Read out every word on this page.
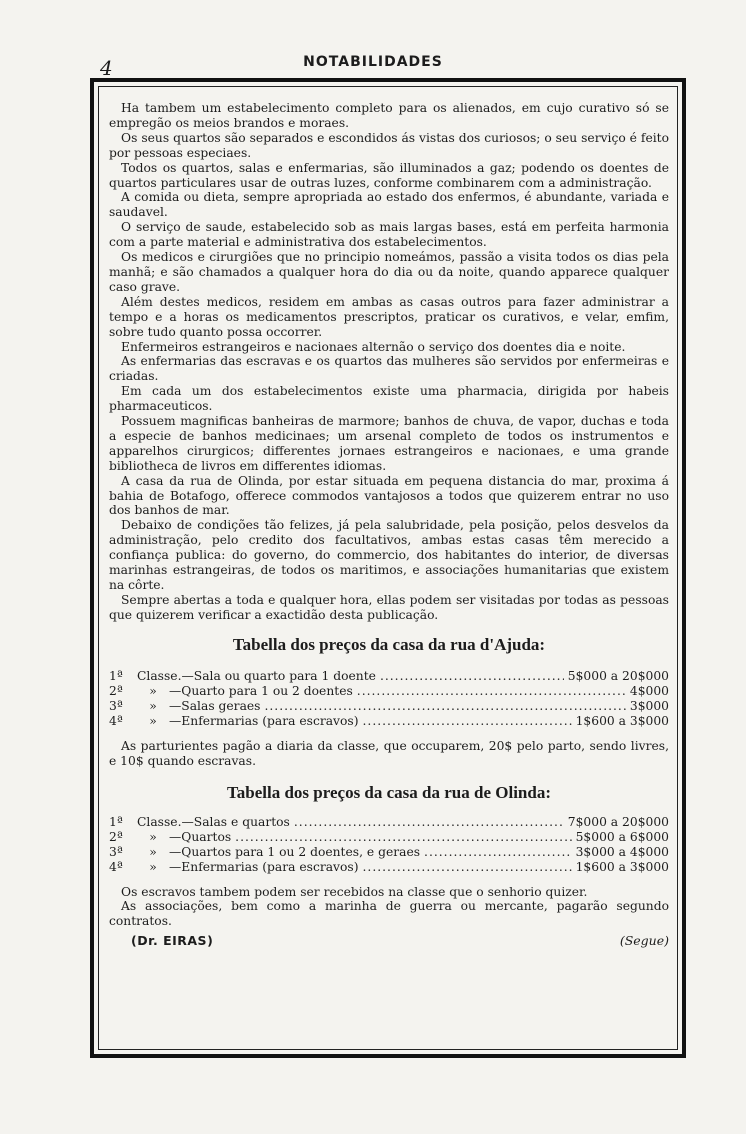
4	NOTABILIDADES

Ha tambem um estabelecimento completo para os alienados, em cujo curativo só se empregão os meios brandos e moraes.

Os seus quartos são separados e escondidos ás vistas dos curiosos; o seu serviço é feito por pessoas especiaes.

Todos os quartos, salas e enfermarias, são illuminados a gaz; podendo os doentes de quartos particulares usar de outras luzes, conforme combinarem com a administração.

A comida ou dieta, sempre apropriada ao estado dos enfermos, é abundante, variada e saudavel.

O serviço de saude, estabelecido sob as mais largas bases, está em perfeita harmonia com a parte material e administrativa dos estabelecimentos.

Os medicos e cirurgiões que no principio nomeámos, passão a visita todos os dias pela manhã; e são chamados a qualquer hora do dia ou da noite, quando apparece qualquer caso grave.

Além destes medicos, residem em ambas as casas outros para fazer administrar a tempo e a horas os medicamentos prescriptos, praticar os curativos, e velar, emfim, sobre tudo quanto possa occorrer.

Enfermeiros estrangeiros e nacionaes alternão o serviço dos doentes dia e noite.

As enfermarias das escravas e os quartos das mulheres são servidos por enfermeiras e criadas.

Em cada um dos estabelecimentos existe uma pharmacia, dirigida por habeis pharmaceuticos.

Possuem magnificas banheiras de marmore; banhos de chuva, de vapor, duchas e toda a especie de banhos medicinaes; um arsenal completo de todos os instrumentos e apparelhos cirurgicos; differentes jornaes estrangeiros e nacionaes, e uma grande bibliotheca de livros em differentes idiomas.

A casa da rua de Olinda, por estar situada em pequena distancia do mar, proxima á bahia de Botafogo, offerece commodos vantajosos a todos que quizerem entrar no uso dos banhos de mar.

Debaixo de condições tão felizes, já pela salubridade, pela posição, pelos desvelos da administração, pelo credito dos facultativos, ambas estas casas têm merecido a confiança publica: do governo, do commercio, dos habitantes do interior, de diversas marinhas estrangeiras, de todos os maritimos, e associações humanitarias que existem na côrte.

Sempre abertas a toda e qualquer hora, ellas podem ser visitadas por todas as pessoas que quizerem verificar a exactidão desta publicação.

Tabella dos preços da casa da rua d'Ajuda:
1ª	Classe. —Sala ou quarto para 1 doente .....	5$000 a 20$000
2ª	» —Quarto para 1 ou 2 doentes .....	4$000
3ª	» —Salas geraes .....	3$000
4ª	» —Enfermarias (para escravos) .....	1$600 a 3$000

As parturientes pagão a diaria da classe, que occuparem, 20$ pelo parto, sendo livres, e 10$ quando escravas.

Tabella dos preços da casa da rua de Olinda:
1ª	Classe. —Salas e quartos .....	7$000 a 20$000
2ª	» —Quartos .....	5$000 a 6$000
3ª	» —Quartos para 1 ou 2 doentes, e geraes .....	3$000 a 4$000
4ª	» —Enfermarias (para escravos) .....	1$600 a 3$000

Os escravos tambem podem ser recebidos na classe que o senhorio quizer.

As associações, bem como a marinha de guerra ou mercante, pagarão segundo contratos.

(Dr. EIRAS)	(Segue)
